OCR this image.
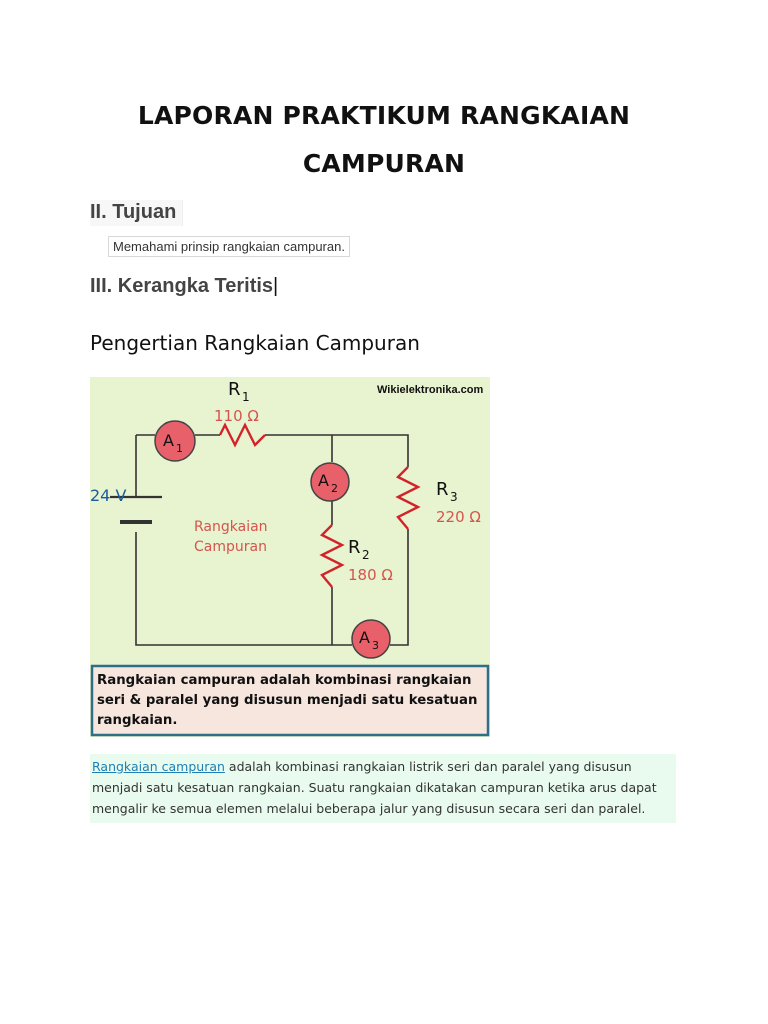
LAPORAN PRAKTIKUM RANGKAIAN
CAMPURAN
II. Tujuan
Memahami prinsip rangkaian campuran.
III. Kerangka Teritis|
Pengertian Rangkaian Campuran
Wikielektronika.com
24 V
R 1
110 Ω
R 2
180 Ω
R 3
220 Ω
A 1
A 2
A 3
Rangkaian
Campuran
Rangkaian campuran adalah kombinasi rangkaian
seri & paralel yang disusun menjadi satu kesatuan
rangkaian.
Rangkaian campuran adalah kombinasi rangkaian listrik seri dan paralel yang disusun menjadi satu kesatuan rangkaian. Suatu rangkaian dikatakan campuran ketika arus dapat mengalir ke semua elemen melalui beberapa jalur yang disusun secara seri dan paralel.
